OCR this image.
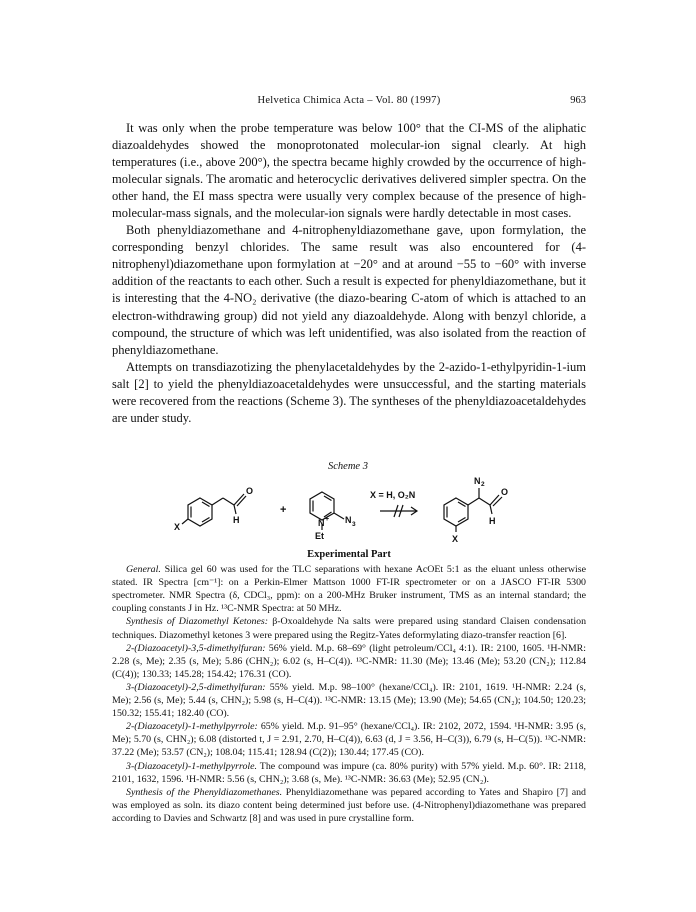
Helvetica Chimica Acta – Vol. 80 (1997)	963

It was only when the probe temperature was below 100° that the CI-MS of the aliphatic diazoaldehydes showed the monoprotonated molecular-ion signal clearly. At high temperatures (i.e., above 200°), the spectra became highly crowded by the occurrence of high-molecular signals. The aromatic and heterocyclic derivatives delivered simpler spectra. On the other hand, the EI mass spectra were usually very complex because of the presence of high-molecular-mass signals, and the molecular-ion signals were hardly detectable in most cases.

Both phenyldiazomethane and 4-nitrophenyldiazomethane gave, upon formylation, the corresponding benzyl chlorides. The same result was also encountered for (4-nitrophenyl)diazomethane upon formylation at −20° and at around −55 to −60° with inverse addition of the reactants to each other. Such a result is expected for phenyldiazomethane, but it is interesting that the 4-NO₂ derivative (the diazo-bearing C-atom of which is attached to an electron-withdrawing group) did not yield any diazoaldehyde. Along with benzyl chloride, a compound, the structure of which was left unidentified, was also isolated from the reaction of phenyldiazomethane.

Attempts on transdiazotizing the phenylacetaldehydes by the 2-azido-1-ethylpyridin-1-ium salt [2] to yield the phenyldiazoacetaldehydes were unsuccessful, and the starting materials were recovered from the reactions (Scheme 3). The syntheses of the phenyldiazoacetaldehydes are under study.

Scheme 3
X
O
H
+
N + N 3
Et
X = H, O₂N
N 2
O
H
X
Experimental Part

General. Silica gel 60 was used for the TLC separations with hexane AcOEt 5:1 as the eluant unless otherwise stated. IR Spectra [cm⁻¹]: on a Perkin-Elmer Mattson 1000 FT-IR spectrometer or on a JASCO FT-IR 5300 spectrometer. NMR Spectra (δ, CDCl₃, ppm): on a 200-MHz Bruker instrument, TMS as an internal standard; the coupling constants J in Hz. ¹³C-NMR Spectra: at 50 MHz.

Synthesis of Diazomethyl Ketones: β-Oxoaldehyde Na salts were prepared using standard Claisen condensation techniques. Diazomethyl ketones 3 were prepared using the Regitz-Yates deformylating diazo-transfer reaction [6].

2-(Diazoacetyl)-3,5-dimethylfuran: 56% yield. M.p. 68–69° (light petroleum/CCl₄ 4:1). IR: 2100, 1605. ¹H-NMR: 2.28 (s, Me); 2.35 (s, Me); 5.86 (CHN₂); 6.02 (s, H–C(4)). ¹³C-NMR: 11.30 (Me); 13.46 (Me); 53.20 (CN₂); 112.84 (C(4)); 130.33; 145.28; 154.42; 176.31 (CO).

3-(Diazoacetyl)-2,5-dimethylfuran: 55% yield. M.p. 98–100° (hexane/CCl₄). IR: 2101, 1619. ¹H-NMR: 2.24 (s, Me); 2.56 (s, Me); 5.44 (s, CHN₂); 5.98 (s, H–C(4)). ¹³C-NMR: 13.15 (Me); 13.90 (Me); 54.65 (CN₂); 104.50; 120.23; 150.32; 155.41; 182.40 (CO).

2-(Diazoacetyl)-1-methylpyrrole: 65% yield. M.p. 91–95° (hexane/CCl₄). IR: 2102, 2072, 1594. ¹H-NMR: 3.95 (s, Me); 5.70 (s, CHN₂); 6.08 (distorted t, J = 2.91, 2.70, H–C(4)), 6.63 (d, J = 3.56, H–C(3)), 6.79 (s, H–C(5)). ¹³C-NMR: 37.22 (Me); 53.57 (CN₂); 108.04; 115.41; 128.94 (C(2)); 130.44; 177.45 (CO).

3-(Diazoacetyl)-1-methylpyrrole. The compound was impure (ca. 80% purity) with 57% yield. M.p. 60°. IR: 2118, 2101, 1632, 1596. ¹H-NMR: 5.56 (s, CHN₂); 3.68 (s, Me). ¹³C-NMR: 36.63 (Me); 52.95 (CN₂).

Synthesis of the Phenyldiazomethanes. Phenyldiazomethane was pepared according to Yates and Shapiro [7] and was employed as soln. its diazo content being determined just before use. (4-Nitrophenyl)diazomethane was prepared according to Davies and Schwartz [8] and was used in pure crystalline form.
